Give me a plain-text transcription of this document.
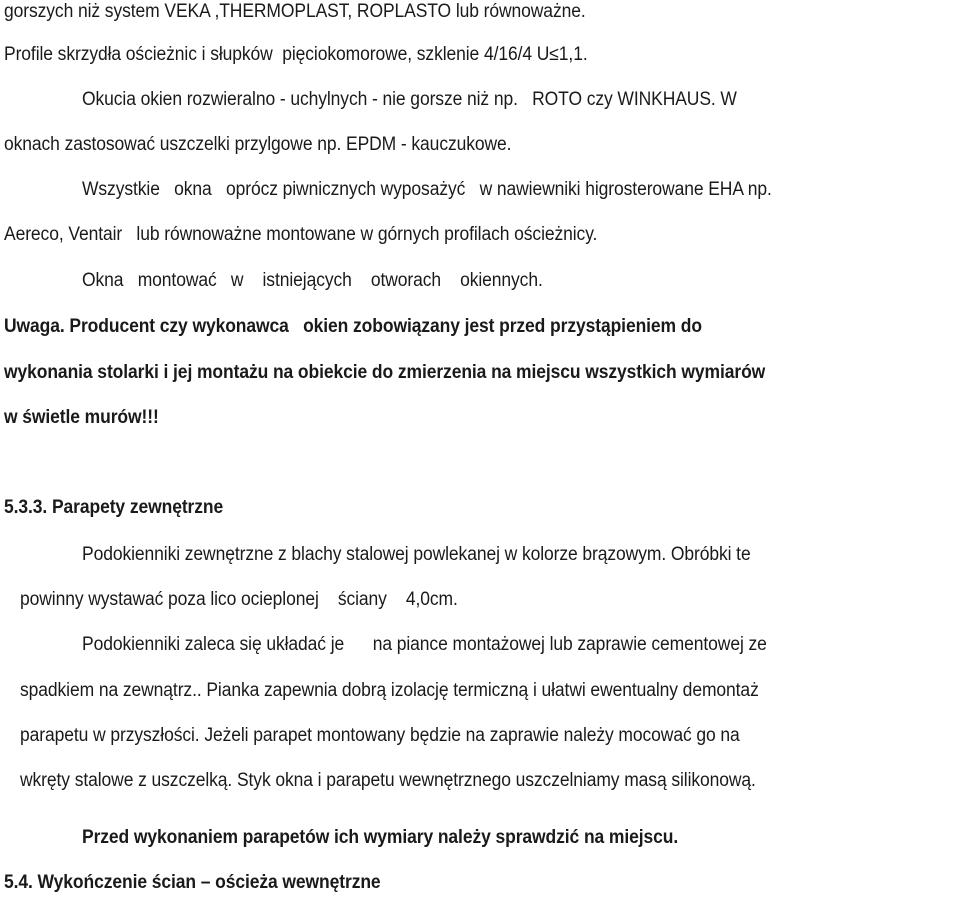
gorszych niż system VEKA ,THERMOPLAST, ROPLASTO lub równoważne.
Profile skrzydła ościeżnic i słupków  pięciokomorowe, szklenie 4/16/4 U≤1,1.
Okucia okien rozwieralno - uchylnych - nie gorsze niż np.   ROTO czy WINKHAUS. W
oknach zastosować uszczelki przylgowe np. EPDM - kauczukowe.
Wszystkie   okna   oprócz piwnicznych wyposażyć   w nawiewniki higrosterowane EHA np.
Aereco, Ventair   lub równoważne montowane w górnych profilach ościeżnicy.
Okna   montować   w    istniejących    otworach    okiennych.
Uwaga. Producent czy wykonawca   okien zobowiązany jest przed przystąpieniem do
wykonania stolarki i jej montażu na obiekcie do zmierzenia na miejscu wszystkich wymiarów
w świetle murów!!!
5.3.3. Parapety zewnętrzne
Podokienniki zewnętrzne z blachy stalowej powlekanej w kolorze brązowym. Obróbki te
powinny wystawać poza lico ocieplonej    ściany    4,0cm.
Podokienniki zaleca się układać je      na piance montażowej lub zaprawie cementowej ze
spadkiem na zewnątrz.. Pianka zapewnia dobrą izolację termiczną i ułatwi ewentualny demontaż
parapetu w przyszłości. Jeżeli parapet montowany będzie na zaprawie należy mocować go na
wkręty stalowe z uszczelką. Styk okna i parapetu wewnętrznego uszczelniamy masą silikonową.
Przed wykonaniem parapetów ich wymiary należy sprawdzić na miejscu.
5.4. Wykończenie ścian – ościeża wewnętrzne
